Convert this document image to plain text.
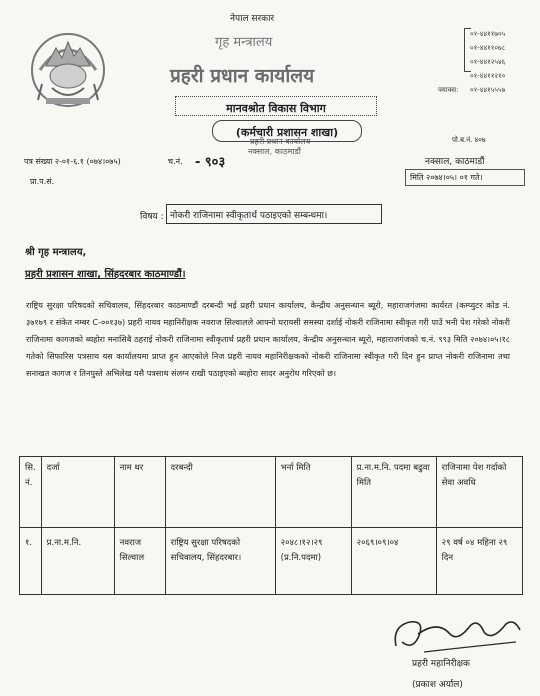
नेपाल सरकार
गृह मन्त्रालय
प्रहरी प्रधान कार्यालय
मानवश्रोत विकास विभाग
(कर्मचारी प्रशासन शाखा)
प्रहरी प्रधान कार्यालय
नक्साल, काठमाडौं
०१-४४११७०५
०१-४४११०७८
०१-४४१२५४६
०१-४४११२१०
फ्याक्स: ०१-४४१५५५७
पत्र संख्या २-०१-६.१ (०७४।०७५)	च.नं. - ९०३
प्रा.प.सं.
पो.ब.नं. ४०७
नक्साल, काठमाडौं
मिति २०७४।०५। ०१ गते।
विषय : नोकरी राजिनामा स्वीकृतार्थ पठाइएको सम्बन्धमा।
श्री गृह मन्त्रालय,
प्रहरी प्रशासन शाखा, सिंहदरबार काठमाण्डौं।
राष्ट्रिय सुरक्षा परिषदको सचिवालय, सिंहदरबार काठमाण्डौं दरबन्दी भई प्रहरी प्रधान कार्यालय, केन्द्रीय अनुसन्धान ब्यूरो, महाराजगंजमा कार्यरत (कम्प्युटर कोड नं. ३७१७९ र संकेत नम्बर C-००१३७) प्रहरी नायव महानिरीक्षक नवराज सिल्वालले आफ्नो घरायसी समस्या दर्शाई नोकरी राजिनामा स्वीकृत गरी पाउँ भनी पेश गरेको नोकरी राजिनामा कागजको ब्यहोरा मनासिबै ठहराई नोकरी राजिनामा स्वीकृतार्थ प्रहरी प्रधान कार्यालय, केन्द्रीय अनुसन्धान ब्यूरो, महाराजगंजको च.नं. ९९३ मिति २०७४।०५।१८ गतेको सिफारिस पत्रसाथ यस कार्यालयमा प्राप्त हुन आएकोले निज प्रहरी नायव महानिरीक्षकको नोकरी राजिनामा स्वीकृत गरी दिन हुन प्राप्त नोकरी राजिनामा तथा सनाखत कागज र तिनपुस्ते अभिलेख यसै पत्रसाथ संलग्न राखी पठाइएको ब्यहोरा सादर अनुरोध गरिएको छ।
सि. नं.	दर्जा	नाम थर	दरबन्दी	भर्ना मिति	प्र.ना.म.नि. पदमा बढुवा मिति	राजिनामा पेश गर्दाको सेवा अवधि
१.	प्र.ना.म.नि.	नवराज सिल्वाल	राष्ट्रिय सुरक्षा परिषदको सचिवालय, सिंहदरबार।	२०४८।१२।२९ (प्र.नि.पदमा)	२०६९।०९।०४	२९ वर्ष ०४ महिना २९ दिन
प्रहरी महानिरीक्षक
(प्रकाश अर्याल)
